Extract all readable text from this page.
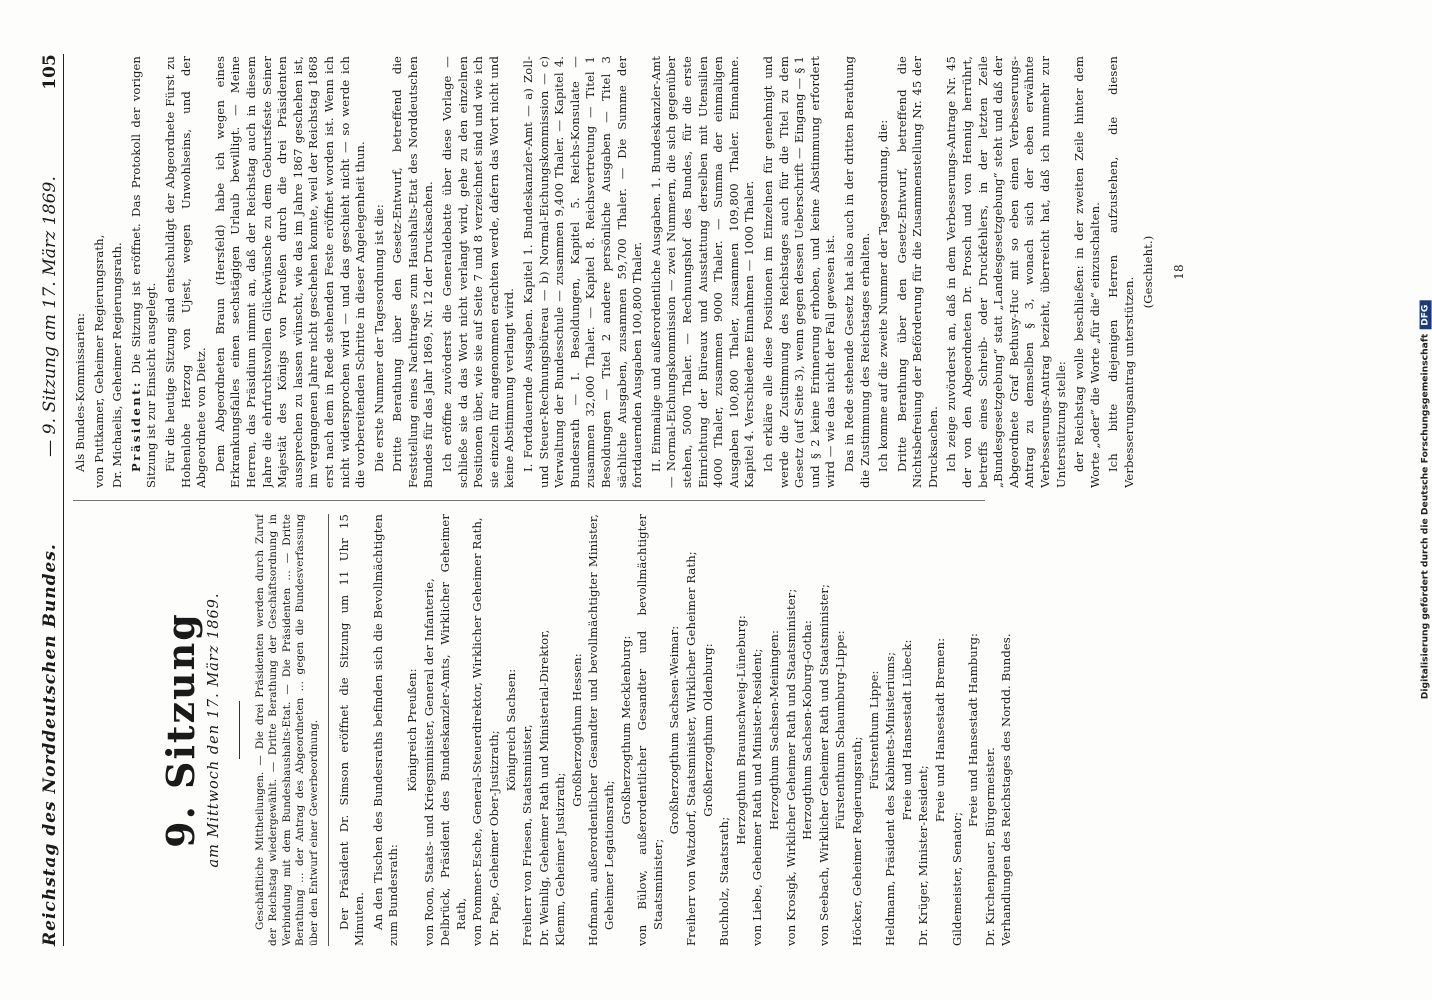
Reichstag des Norddeutschen Bundes.
— 9. Sitzung am 17. März 1869.
105
9. Sitzung am Mittwoch den 17. März 1869.	Geschäftliche Mittheilungen. — Die drei Präsidenten werden durch Zuruf der Reichstag wiedergewählt. — Dritte Berathung der Geschäftsordnung in Verbindung mit dem Bundeshaushalts-Etat. — Die Präsidenten … — Dritte Berathung … der Antrag des Abgeordneten … gegen die Bundesverfassung über den Entwurf einer Gewerbeordnung. Der Präsident Dr. Simson eröffnet die Sitzung um 11 Uhr 15 Minuten. An den Tischen des Bundesraths befinden sich die Bevollmächtigten zum Bundesrath:

Königreich Preußen: von Roon, Staats- und Kriegsminister, General der Infanterie, Delbrück, Präsident des Bundeskanzler-Amts, Wirklicher Geheimer Rath, von Pommer-Esche, General-Steuerdirektor, Wirklicher Geheimer Rath, Dr. Pape, Geheimer Ober-Justizrath;

Königreich Sachsen: Freiherr von Friesen, Staatsminister, Dr. Weinlig, Geheimer Rath und Ministerial-Direktor, Klemm, Geheimer Justizrath;

Großherzogthum Hessen: Hofmann, außerordentlicher Gesandter und bevollmächtigter Minister, Geheimer Legationsrath;

Großherzogthum Mecklenburg: von Bülow, außerordentlicher Gesandter und bevollmächtigter Staatsminister;

Großherzogthum Sachsen-Weimar: Freiherr von Watzdorf, Staatsminister, Wirklicher Geheimer Rath; Großherzogthum Oldenburg:

Buchholz, Staatsrath;

Herzogthum Braunschweig-Lüneburg: von Liebe, Geheimer Rath und Minister-Resident; Herzogthum Sachsen-Meiningen: von Krosigk, Wirklicher Geheimer Rath und Staatsminister; Herzogthum Sachsen-Koburg-Gotha: von Seebach, Wirklicher Geheimer Rath und Staatsminister; Fürstenthum Schaumburg-Lippe:

Höcker, Geheimer Regierungsrath;

Fürstenthum Lippe: Heldmann, Präsident des Kabinets-Ministeriums; Freie und Hansestadt Lübeck:

Dr. Krüger, Minister-Resident;

Freie und Hansestadt Bremen:

Gildemeister, Senator;

Freie und Hansestadt Hamburg:

Dr. Kirchenpauer, Bürgermeister. Verhandlungen des Reichstages des Nordd. Bundes.

Als Bundes-Kommissarien: von Puttkamer, Geheimer Regierungsrath, Dr. Michaelis, Geheimer Regierungsrath. Präsident: Die Sitzung ist eröffnet. Das Protokoll der vorigen Sitzung ist zur Einsicht ausgelegt. Für die heutige Sitzung sind entschuldigt der Abgeordnete Fürst zu Hohenlohe Herzog von Ujest, wegen Unwohlseins, und der Abgeordnete von Dietz. Dem Abgeordneten Braun (Hersfeld) habe ich wegen eines Erkrankungsfalles einen sechstägigen Urlaub bewilligt. — Meine Herren, das Präsidium nimmt an, daß der Reichstag auch in diesem Jahre die ehrfurchtsvollen Glückwünsche zu dem Geburtsfeste Seiner Majestät des Königs von Preußen durch die drei Präsidenten aussprechen zu lassen wünscht, wie das im Jahre 1867 geschehen ist, im vergangenen Jahre nicht geschehen konnte, weil der Reichstag 1868 erst nach dem in Rede stehenden Feste eröffnet worden ist. Wenn ich nicht widersprochen wird — und das geschieht nicht — so werde ich die vorbereitenden Schritte in dieser Angelegenheit thun. Die erste Nummer der Tagesordnung ist die: Dritte Berathung über den Gesetz-Entwurf, betreffend die Feststellung eines Nachtrages zum Haushalts-Etat des Norddeutschen Bundes für das Jahr 1869, Nr. 12 der Drucksachen. Ich eröffne zuvörderst die Generaldebatte über diese Vorlage — schließe sie da das Wort nicht verlangt wird, gehe zu den einzelnen Positionen über, wie sie auf Seite 7 und 8 verzeichnet sind und wie ich sie einzeln für angenommen erachten werde, dafern das Wort nicht und keine Abstimmung verlangt wird. I. Fortdauernde Ausgaben. Kapitel 1. Bundeskanzler-Amt — a) Zoll- und Steuer-Rechnungsbüreau — b) Normal-Eichungskommission — c) Verwaltung der Bundesschule — zusammen 9,400 Thaler. — Kapitel 4. Bundesrath — I. Besoldungen, Kapitel 5. Reichs-Konsulate — zusammen 32,000 Thaler. — Kapitel 8. Reichsvertretung — Titel 1 Besoldungen — Titel 2 andere persönliche Ausgaben — Titel 3 sächliche Ausgaben, zusammen 59,700 Thaler. — Die Summe der fortdauernden Ausgaben 100,800 Thaler. II. Einmalige und außerordentliche Ausgaben. 1. Bundeskanzler-Amt — Normal-Eichungskommission — zwei Nummern, die sich gegenüber stehen, 5000 Thaler. — Rechnungshof des Bundes, für die erste Einrichtung der Büreaux und Ausstattung derselben mit Utensilien 4000 Thaler, zusammen 9000 Thaler. — Summa der einmaligen Ausgaben 100,800 Thaler, zusammen 109,800 Thaler. Einnahme. Kapitel 4. Verschiedene Einnahmen — 1000 Thaler. Ich erkläre alle diese Positionen im Einzelnen für genehmigt und werde die Zustimmung des Reichstages auch für die Titel zu dem Gesetz (auf Seite 3), wenn gegen dessen Ueberschrift — Eingang — § 1 und § 2 keine Erinnerung erhoben, und keine Abstimmung erfordert wird — wie das nicht der Fall gewesen ist. Das in Rede stehende Gesetz hat also auch in der dritten Berathung die Zustimmung des Reichstages erhalten. Ich komme auf die zweite Nummer der Tagesordnung, die: Dritte Berathung über den Gesetz-Entwurf, betreffend die Nichtsbefreiung der Beförderung für die Zusammenstellung Nr. 45 der Drucksachen. Ich zeige zuvörderst an, daß in dem Verbesserungs-Antrage Nr. 45 der von den Abgeordneten Dr. Prosch und von Hennig herrührt, betreffs eines Schreib- oder Druckfehlers, in der letzten Zeile „Bundesgesetzgebung“ statt „Landesgesetzgebung“ steht und daß der Abgeordnete Graf Bethusy-Huc mit so eben einen Verbesserungs-Antrag zu demselben § 3, wonach sich der eben erwähnte Verbesserungs-Antrag bezieht, überreicht hat, daß ich nunmehr zur Unterstützung stelle: der Reichstag wolle beschließen: in der zweiten Zeile hinter dem Worte „oder“ die Worte „für die“ einzuschalten. Ich bitte diejenigen Herren aufzustehen, die diesen Verbesserungsantrag unterstützen.

(Geschieht.) 18
Digitalisierung gefördert durch die Deutsche ForschungsgemeinschaftDFG
